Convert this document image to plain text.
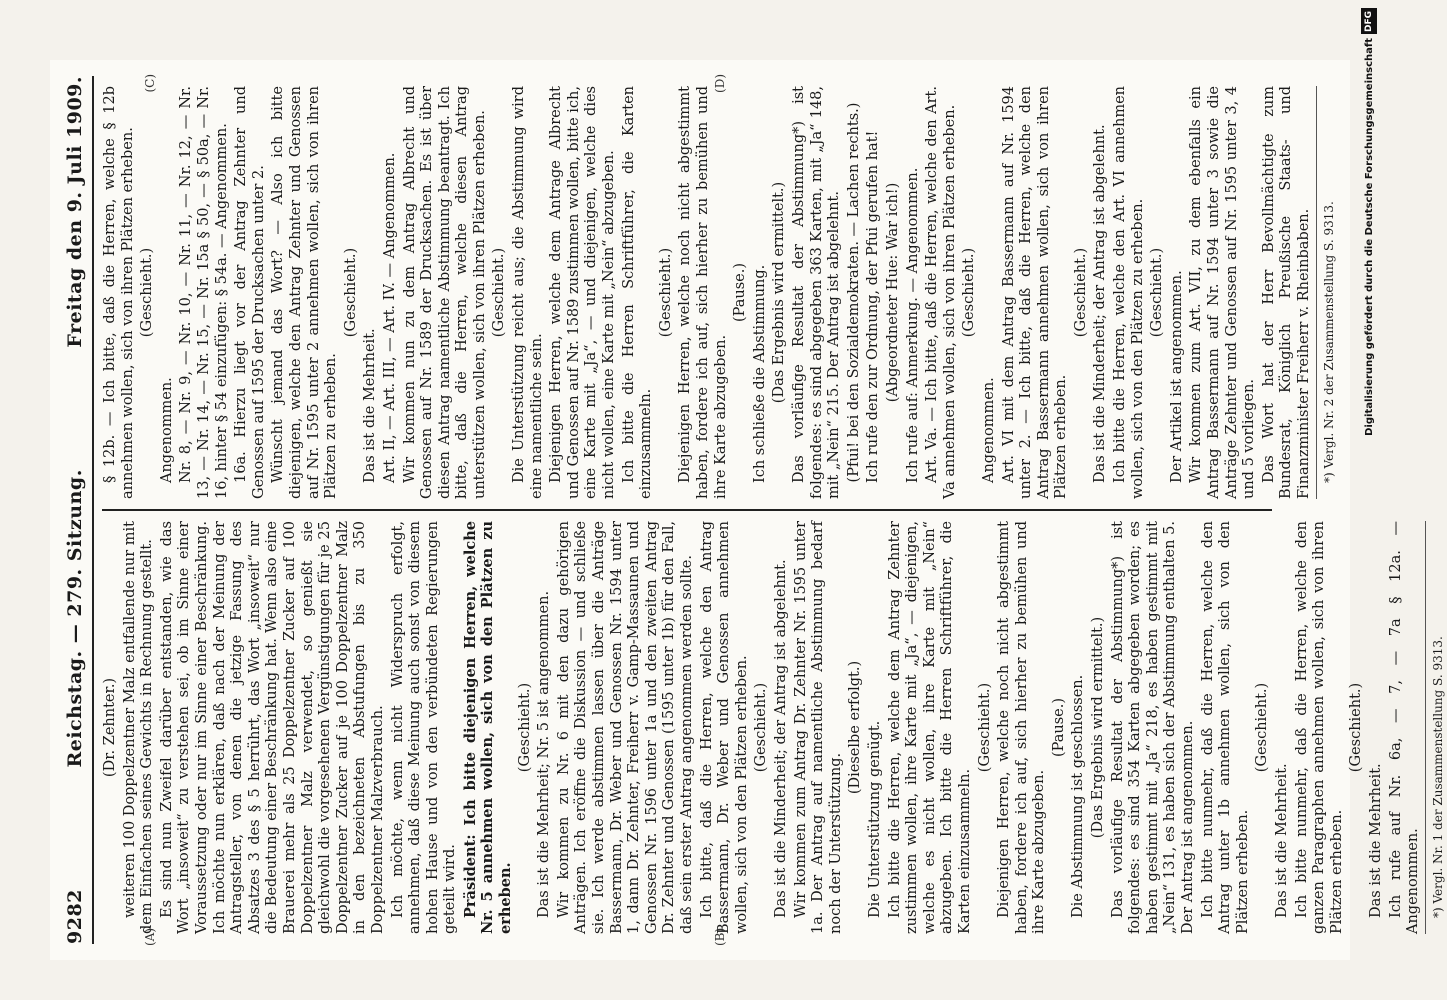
9282
Reichstag. — 279. Sitzung.
Freitag den 9. Juli 1909.
(A)	(B)

(Dr. Zehnter.) weiteren 100 Doppelzentner Malz entfallende nur mit dem Einfachen seines Gewichts in Rechnung gestellt. Es sind nun Zweifel darüber entstanden, wie das Wort „insoweit“ zu verstehen sei, ob im Sinne einer Voraussetzung oder nur im Sinne einer Beschränkung. Ich möchte nun erklären, daß nach der Meinung der Antragsteller, von denen die jetzige Fassung des Absatzes 3 des § 5 herrührt, das Wort „insoweit“ nur die Bedeutung einer Beschränkung hat. Wenn also eine Brauerei mehr als 25 Doppelzentner Zucker auf 100 Doppelzentner Malz verwendet, so genießt sie gleichwohl die vorgesehenen Vergünstigungen für je 25 Doppelzentner Zucker auf je 100 Doppelzentner Malz in den bezeichneten Abstufungen bis zu 350 Doppelzentner Malzverbrauch. Ich möchte, wenn nicht Widerspruch erfolgt, annehmen, daß diese Meinung auch sonst von diesem hohen Hause und von den verbündeten Regierungen geteilt wird. Präsident: Ich bitte diejenigen Herren, welche Nr. 5 annehmen wollen, sich von den Plätzen zu erheben.

(Geschieht.) Das ist die Mehrheit; Nr. 5 ist angenommen. Wir kommen zu Nr. 6 mit den dazu gehörigen Anträgen. Ich eröffne die Diskussion — und schließe sie. Ich werde abstimmen lassen über die Anträge Bassermann, Dr. Weber und Genossen Nr. 1594 unter 1, dann Dr. Zehnter, Freiherr v. Gamp-Massaunen und Genossen Nr. 1596 unter 1a und den zweiten Antrag Dr. Zehnter und Genossen (1595 unter 1b) für den Fall, daß sein erster Antrag angenommen werden sollte. Ich bitte, daß die Herren, welche den Antrag Bassermann, Dr. Weber und Genossen annehmen wollen, sich von den Plätzen erheben. (Geschieht.) Das ist die Minderheit; der Antrag ist abgelehnt. Wir kommen zum Antrag Dr. Zehnter Nr. 1595 unter 1a. Der Antrag auf namentliche Abstimmung bedarf noch der Unterstützung.

(Dieselbe erfolgt.) Die Unterstützung genügt. Ich bitte die Herren, welche dem Antrag Zehnter zustimmen wollen, ihre Karte mit „Ja“, — diejenigen, welche es nicht wollen, ihre Karte mit „Nein“ abzugeben. Ich bitte die Herren Schriftführer, die Karten einzusammeln.

(Geschieht.) Diejenigen Herren, welche noch nicht abgestimmt haben, fordere ich auf, sich hierher zu bemühen und ihre Karte abzugeben.

(Pause.) Die Abstimmung ist geschlossen. (Das Ergebnis wird ermittelt.) Das vorläufige Resultat der Abstimmung*) ist folgendes: es sind 354 Karten abgegeben worden; es haben gestimmt mit „Ja“ 218, es haben gestimmt mit „Nein“ 131, es haben sich der Abstimmung enthalten 5. Der Antrag ist angenommen. Ich bitte nunmehr, daß die Herren, welche den Antrag unter 1b annehmen wollen, sich von den Plätzen erheben.

(Geschieht.)

Das ist die Mehrheit. Ich bitte nunmehr, daß die Herren, welche den ganzen Paragraphen annehmen wollen, sich von ihren Plätzen erheben.

(Geschieht.)

Das ist die Mehrheit. Ich rufe auf Nr. 6a, — 7, — 7a § 12a. — Angenommen. *) Vergl. Nr. 1 der Zusammenstellung S. 9313.

(C)	(D)

§ 12b. — Ich bitte, daß die Herren, welche § 12b annehmen wollen, sich von ihren Plätzen erheben. (Geschieht.)

Angenommen. Nr. 8, — Nr. 9, — Nr. 10, — Nr. 11, — Nr. 12, — Nr. 13, — Nr. 14, — Nr. 15, — Nr. 15a § 50, — § 50a, — Nr. 16, hinter § 54 einzufügen: § 54a. — Angenommen. 16a. Hierzu liegt vor der Antrag Zehnter und Genossen auf 1595 der Drucksachen unter 2. Wünscht jemand das Wort? — Also ich bitte diejenigen, welche den Antrag Zehnter und Genossen auf Nr. 1595 unter 2 annehmen wollen, sich von ihren Plätzen zu erheben.

(Geschieht.)

Das ist die Mehrheit. Art. II, — Art. III, — Art. IV. — Angenommen. Wir kommen nun zu dem Antrag Albrecht und Genossen auf Nr. 1589 der Drucksachen. Es ist über diesen Antrag namentliche Abstimmung beantragt. Ich bitte, daß die Herren, welche diesen Antrag unterstützen wollen, sich von ihren Plätzen erheben. (Geschieht.) Die Unterstützung reicht aus; die Abstimmung wird eine namentliche sein. Diejenigen Herren, welche dem Antrage Albrecht und Genossen auf Nr. 1589 zustimmen wollen, bitte ich, eine Karte mit „Ja“, — und diejenigen, welche dies nicht wollen, eine Karte mit „Nein“ abzugeben. Ich bitte die Herren Schriftführer, die Karten einzusammeln.

(Geschieht.) Diejenigen Herren, welche noch nicht abgestimmt haben, fordere ich auf, sich hierher zu bemühen und ihre Karte abzugeben.

(Pause.) Ich schließe die Abstimmung. (Das Ergebnis wird ermittelt.) Das vorläufige Resultat der Abstimmung*) ist folgendes: es sind abgegeben 363 Karten, mit „Ja“ 148, mit „Nein“ 215. Der Antrag ist abgelehnt. (Pfui! bei den Sozialdemokraten. — Lachen rechts.) Ich rufe den zur Ordnung, der Pfui gerufen hat! (Abgeordneter Hue: War ich!) Ich rufe auf: Anmerkung. — Angenommen. Art. Va. — Ich bitte, daß die Herren, welche den Art. Va annehmen wollen, sich von ihren Plätzen erheben. (Geschieht.)

Angenommen. Art. VI mit dem Antrag Bassermann auf Nr. 1594 unter 2. — Ich bitte, daß die Herren, welche den Antrag Bassermann annehmen wollen, sich von ihren Plätzen erheben.

(Geschieht.) Das ist die Minderheit; der Antrag ist abgelehnt. Ich bitte die Herren, welche den Art. VI annehmen wollen, sich von den Plätzen zu erheben. (Geschieht.) Der Artikel ist angenommen. Wir kommen zum Art. VII, zu dem ebenfalls ein Antrag Bassermann auf Nr. 1594 unter 3 sowie die Anträge Zehnter und Genossen auf Nr. 1595 unter 3, 4 und 5 vorliegen. Das Wort hat der Herr Bevollmächtigte zum Bundesrat, Königlich Preußische Staats- und Finanzminister Freiherr v. Rheinbaben. *) Vergl. Nr. 2 der Zusammenstellung S. 9313.

DFG
Digitalisierung gefördert durch die Deutsche Forschungsgemeinschaft
